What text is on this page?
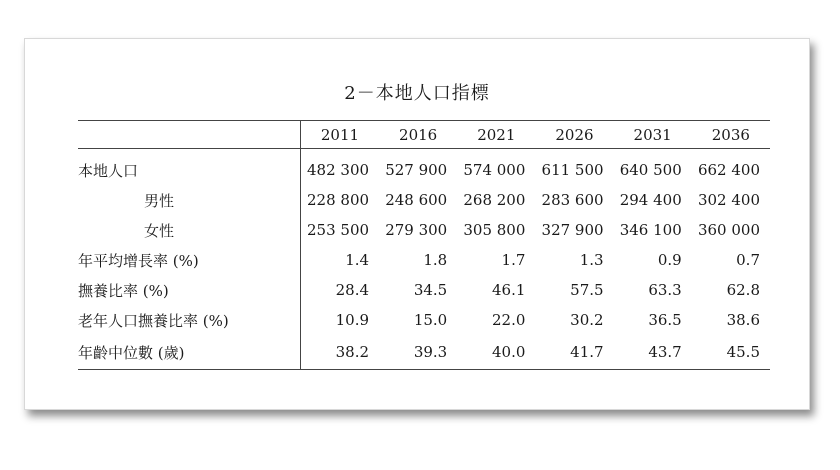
2－本地人口指標
	2011	2016	2021	2026	2031	2036
本地人口	482 300	527 900	574 000	611 500	640 500	662 400
男性	228 800	248 600	268 200	283 600	294 400	302 400
女性	253 500	279 300	305 800	327 900	346 100	360 000
年平均增長率 (%)	1.4	1.8	1.7	1.3	0.9	0.7
撫養比率 (%)	28.4	34.5	46.1	57.5	63.3	62.8
老年人口撫養比率 (%)	10.9	15.0	22.0	30.2	36.5	38.6
年齡中位數 (歲)	38.2	39.3	40.0	41.7	43.7	45.5
